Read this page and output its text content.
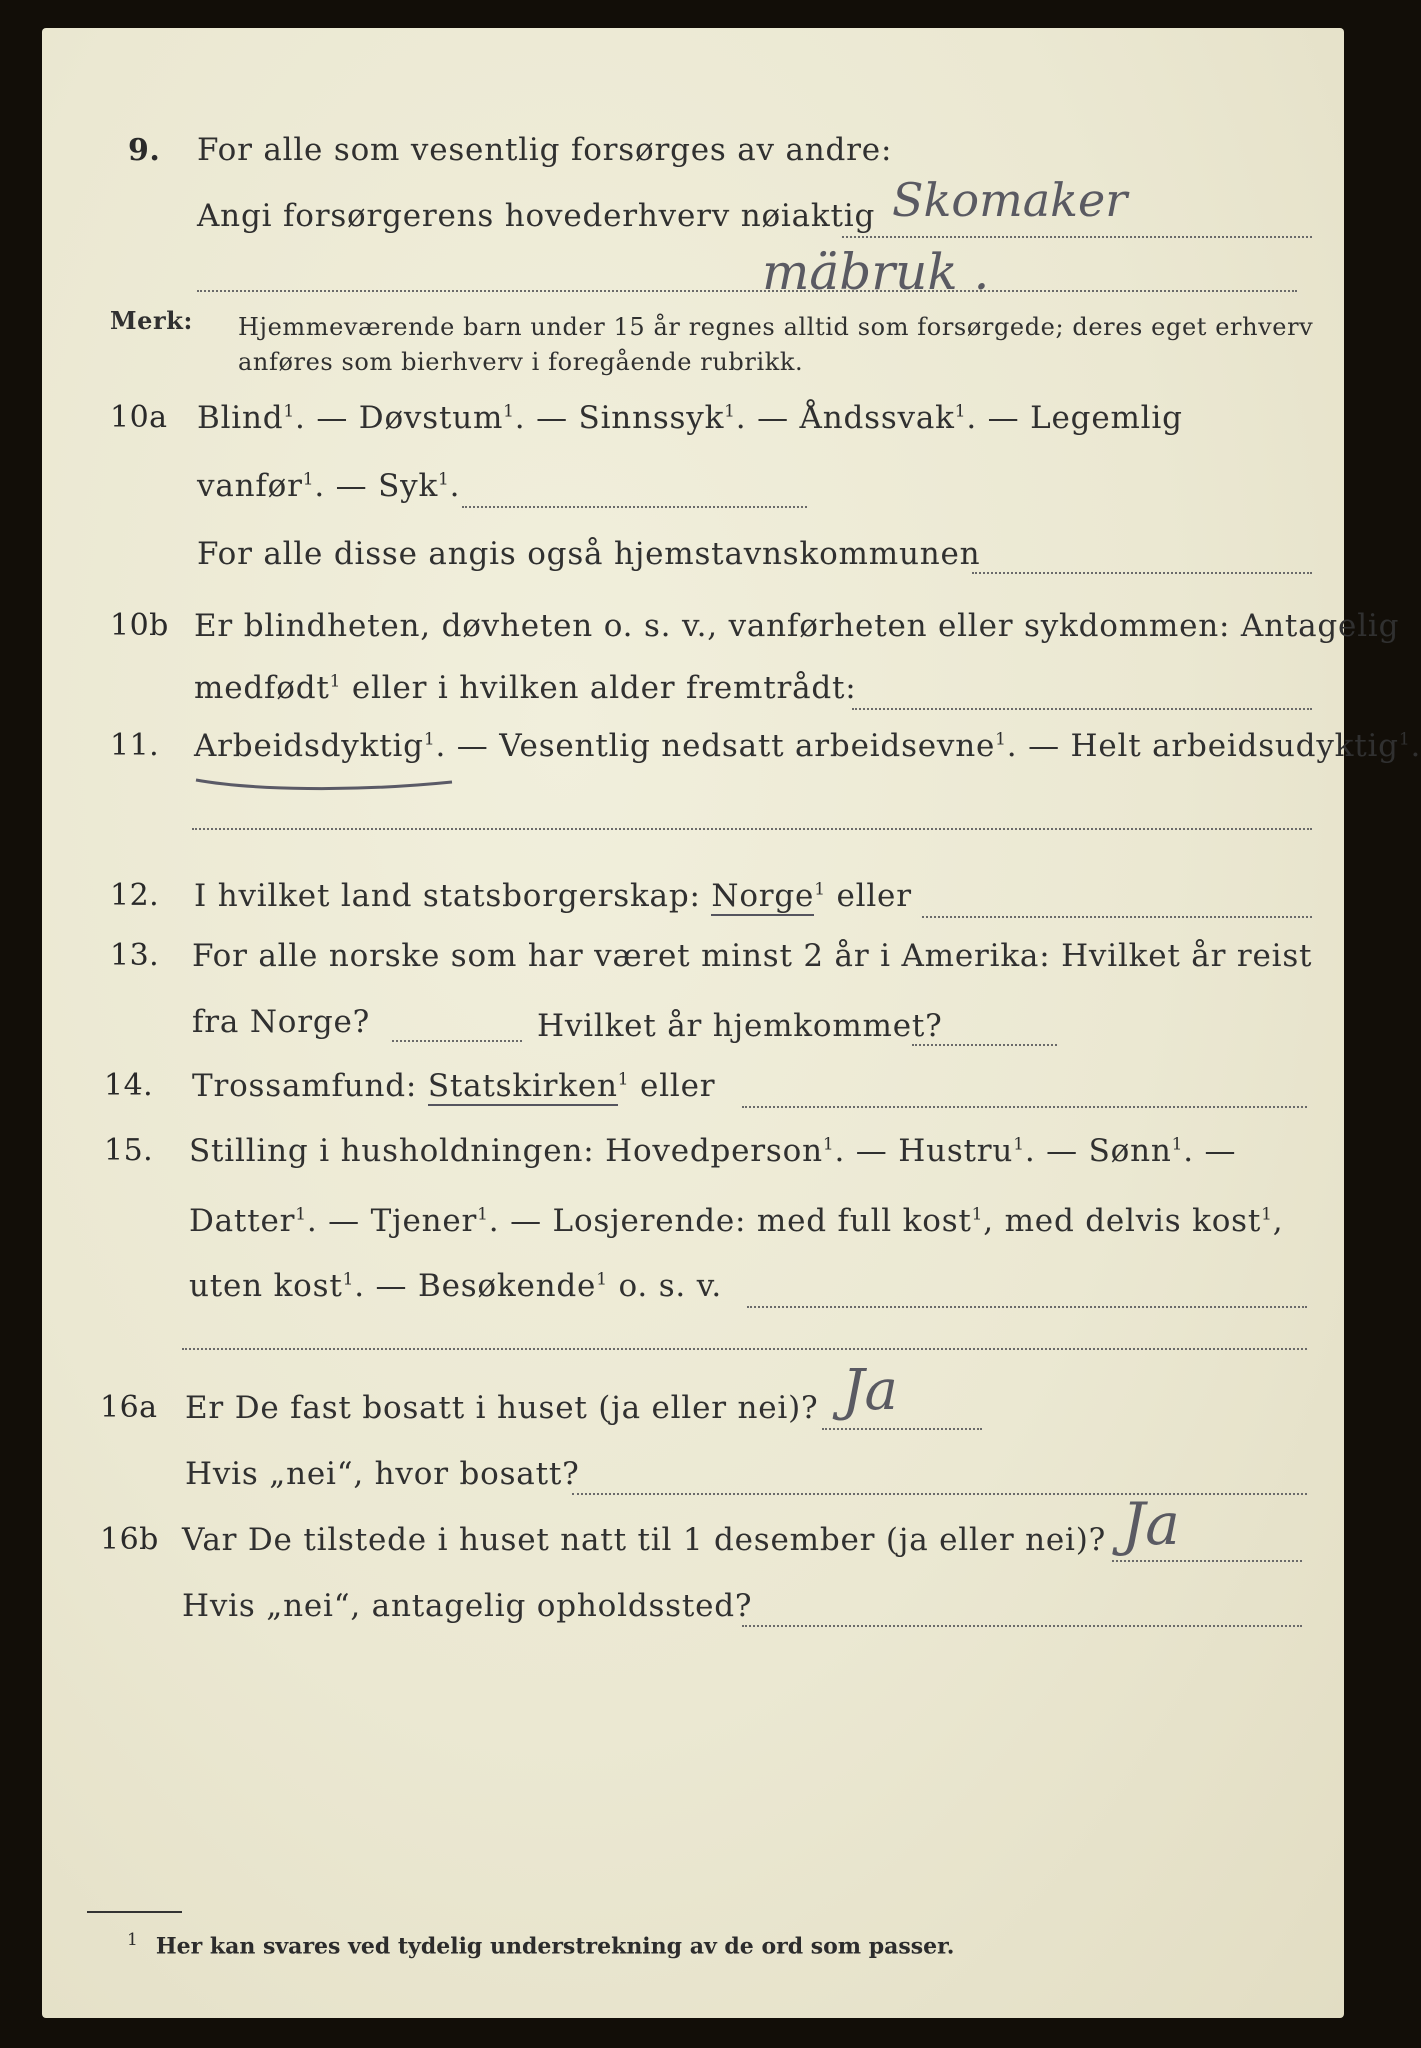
9. For alle som vesentlig forsørges av andre:
Angi forsørgerens hovederhverv nøiaktig Skomaker
mäbruk .
Merk: Hjemmeværende barn under 15 år regnes alltid som forsørgede; deres eget erhverv
anføres som bierhverv i foregående rubrikk.
10a Blind$^1$. — Døvstum$^1$. — Sinnssyk$^1$. — Åndssvak$^1$. — Legemlig
vanfør$^1$. — Syk$^1$.
For alle disse angis også hjemstavnskommunen
10b Er blindheten, døvheten o. s. v., vanførheten eller sykdommen: Antagelig
medfødt$^1$ eller i hvilken alder fremtrådt:
11. Arbeidsdyktig$^1$. — Vesentlig nedsatt arbeidsevne$^1$. — Helt arbeidsudyktig$^1$.
12. I hvilket land statsborgerskap: Norge$^1$ eller
13. For alle norske som har været minst 2 år i Amerika: Hvilket år reist
fra Norge?	Hvilket år hjemkommet?
14. Trossamfund: Statskirken$^1$ eller
15. Stilling i husholdningen: Hovedperson$^1$. — Hustru$^1$. — Sønn$^1$. —
Datter$^1$. — Tjener$^1$. — Losjerende: med full kost$^1$, med delvis kost$^1$,
uten kost$^1$. — Besøkende$^1$ o. s. v.
16a Er De fast bosatt i huset (ja eller nei)? Ja
Hvis „nei“, hvor bosatt?
16b Var De tilstede i huset natt til 1 desember (ja eller nei)? Ja
Hvis „nei“, antagelig opholdssted?
$^1$ Her kan svares ved tydelig understrekning av de ord som passer.
